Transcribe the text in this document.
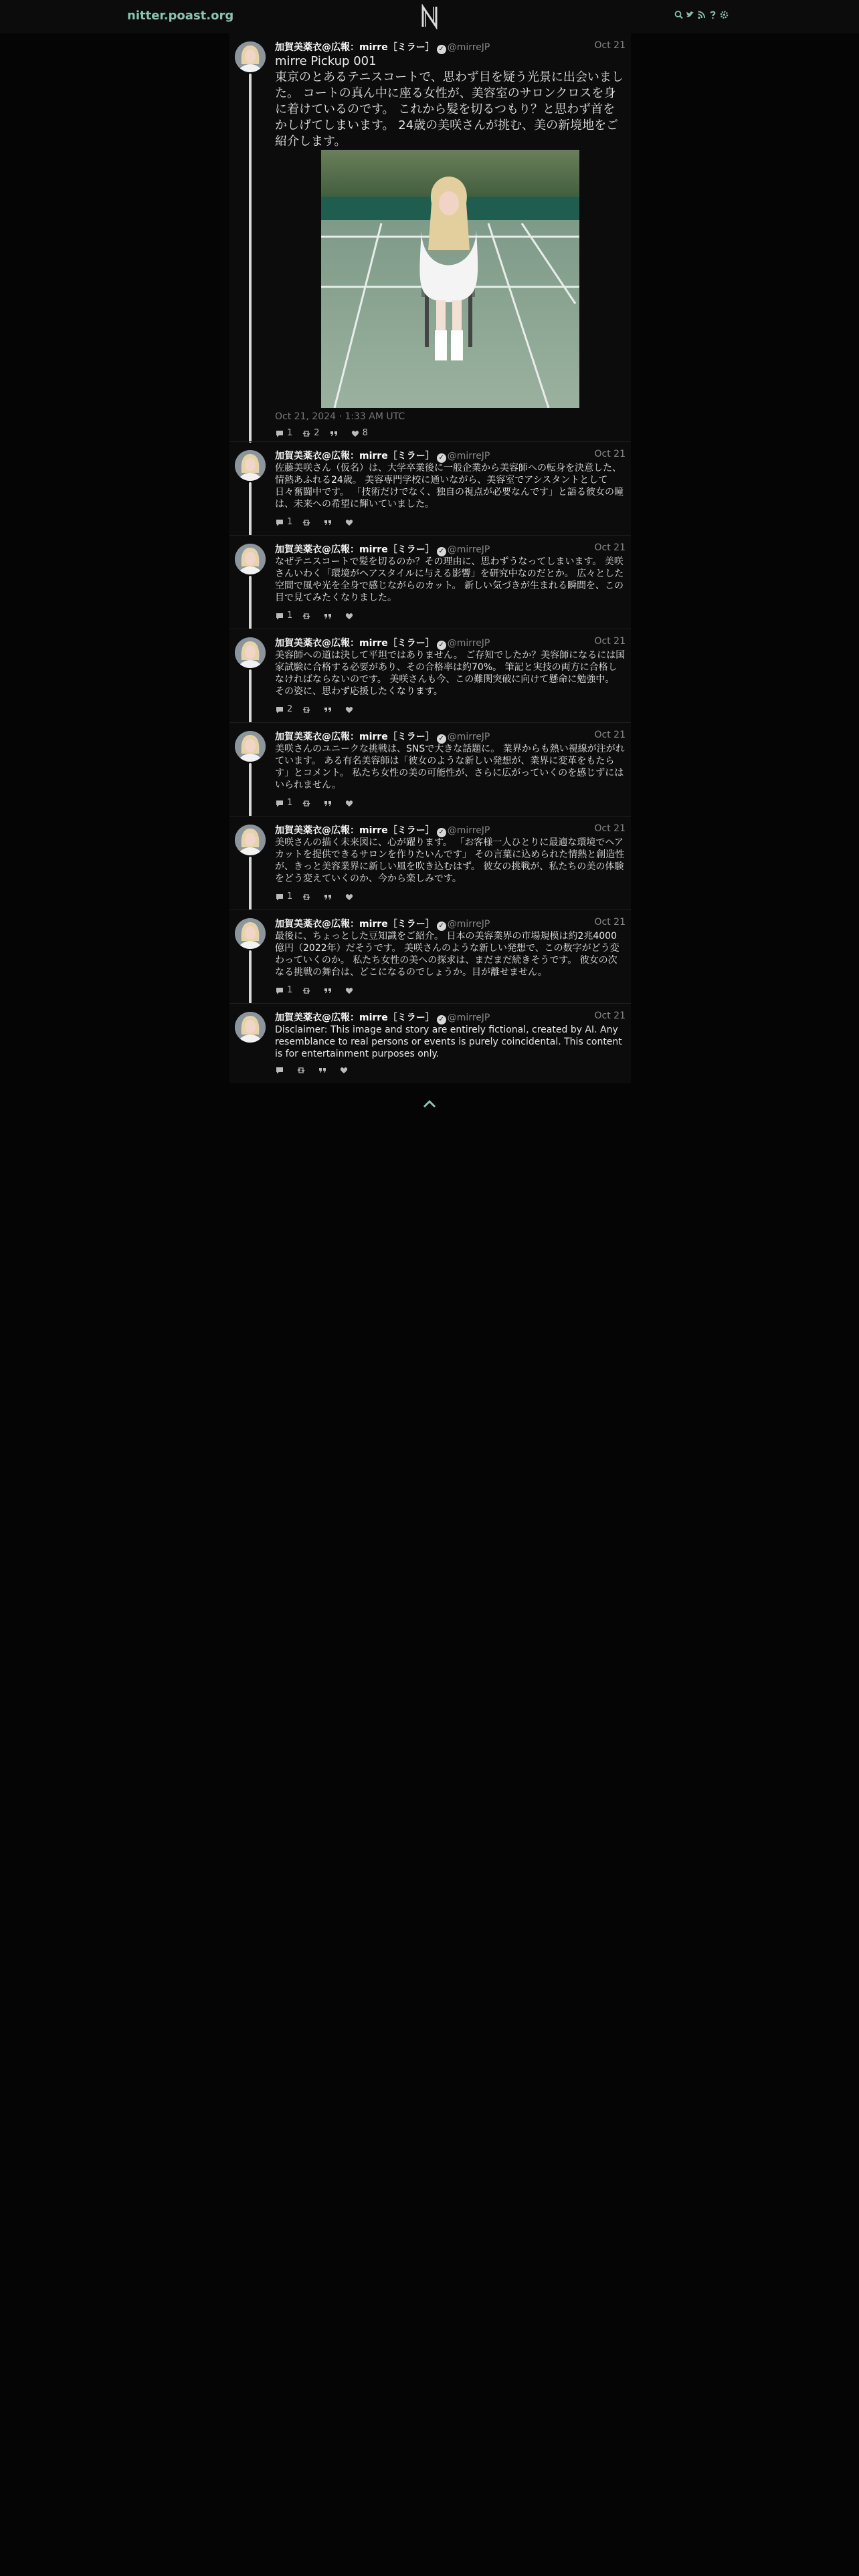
nitter.poast.org
加賀美薬衣@広報：mirre［ミラー］ ✓ @mirreJP	Oct 21
mirre Pickup 001
東京のとあるテニスコートで、思わず目を疑う光景に出会いました。 コートの真ん中に座る女性が、美容室のサロンクロスを身に着けているのです。 これから髪を切るつもり？と思わず首をかしげてしまいます。 24歳の美咲さんが挑む、美の新境地をご紹介します。
Oct 21, 2024 · 1:33 AM UTC
1 2	8
加賀美薬衣@広報：mirre［ミラー］ ✓ @mirreJP	Oct 21
佐藤美咲さん（仮名）は、大学卒業後に一般企業から美容師への転身を決意した、情熱あふれる24歳。 美容専門学校に通いながら、美容室でアシスタントとして日々奮闘中です。 「技術だけでなく、独自の視点が必要なんです」と語る彼女の瞳は、未来への希望に輝いていました。
1
加賀美薬衣@広報：mirre［ミラー］ ✓ @mirreJP	Oct 21
なぜテニスコートで髪を切るのか？その理由に、思わずうなってしまいます。 美咲さんいわく「環境がヘアスタイルに与える影響」を研究中なのだとか。 広々とした空間で風や光を全身で感じながらのカット。 新しい気づきが生まれる瞬間を、この目で見てみたくなりました。
1
加賀美薬衣@広報：mirre［ミラー］ ✓ @mirreJP	Oct 21
美容師への道は決して平坦ではありません。 ご存知でしたか？美容師になるには国家試験に合格する必要があり、その合格率は約70%。 筆記と実技の両方に合格しなければならないのです。 美咲さんも今、この難関突破に向けて懸命に勉強中。 その姿に、思わず応援したくなります。
2
加賀美薬衣@広報：mirre［ミラー］ ✓ @mirreJP	Oct 21
美咲さんのユニークな挑戦は、SNSで大きな話題に。 業界からも熱い視線が注がれています。 ある有名美容師は「彼女のような新しい発想が、業界に変革をもたらす」とコメント。 私たち女性の美の可能性が、さらに広がっていくのを感じずにはいられません。
1
加賀美薬衣@広報：mirre［ミラー］ ✓ @mirreJP	Oct 21
美咲さんの描く未来図に、心が躍ります。 「お客様一人ひとりに最適な環境でヘアカットを提供できるサロンを作りたいんです」 その言葉に込められた情熱と創造性が、きっと美容業界に新しい風を吹き込むはず。 彼女の挑戦が、私たちの美の体験をどう変えていくのか、今から楽しみです。
1
加賀美薬衣@広報：mirre［ミラー］ ✓ @mirreJP	Oct 21
最後に、ちょっとした豆知識をご紹介。 日本の美容業界の市場規模は約2兆4000億円（2022年）だそうです。 美咲さんのような新しい発想で、この数字がどう変わっていくのか。 私たち女性の美への探求は、まだまだ続きそうです。 彼女の次なる挑戦の舞台は、どこになるのでしょうか。目が離せません。
1
加賀美薬衣@広報：mirre［ミラー］ ✓ @mirreJP	Oct 21
Disclaimer: This image and story are entirely fictional, created by AI. Any resemblance to real persons or events is purely coincidental. This content is for entertainment purposes only.
